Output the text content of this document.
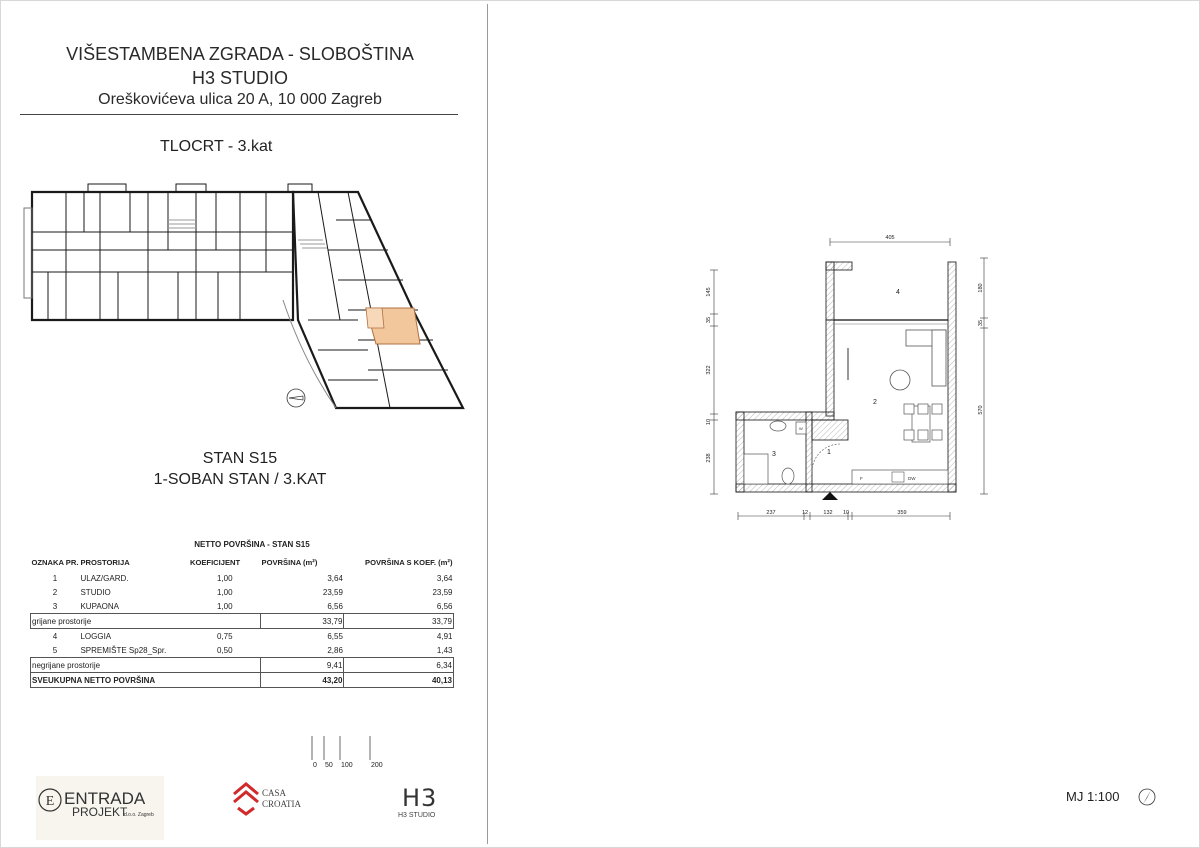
VIŠESTAMBENA ZGRADA - SLOBOŠTINA
H3 STUDIO
Oreškovićeva ulica 20 A, 10 000 Zagreb
TLOCRT - 3.kat
STAN S15
1-SOBAN STAN / 3.KAT
NETTO POVRŠINA - STAN S15
OZNAKA PR.	PROSTORIJA	KOEFICIJENT	POVRŠINA (m²)	POVRŠINA S KOEF. (m²)
1	ULAZ/GARD.	1,00	3,64	3,64
2	STUDIO	1,00	23,59	23,59
3	KUPAONA	1,00	6,56	6,56
grijane prostorije			33,79	33,79
4	LOGGIA	0,75	6,55	4,91
5	SPREMIŠTE Sp28_Spr.	0,50	2,86	1,43
negrijane prostorije			9,41	6,34
SVEUKUPNA NETTO POVRŠINA			43,20	40,13
0 50 100	200
E ENTRADA
PROJEKT
d.o.o. Zagreb
CASA
CROATIA	H3
H3 STUDIO
MJ 1:100
405
145
35
322
10
238
180
35
570
237	12	132 10	359
F	DW
W
1
2
3
4
